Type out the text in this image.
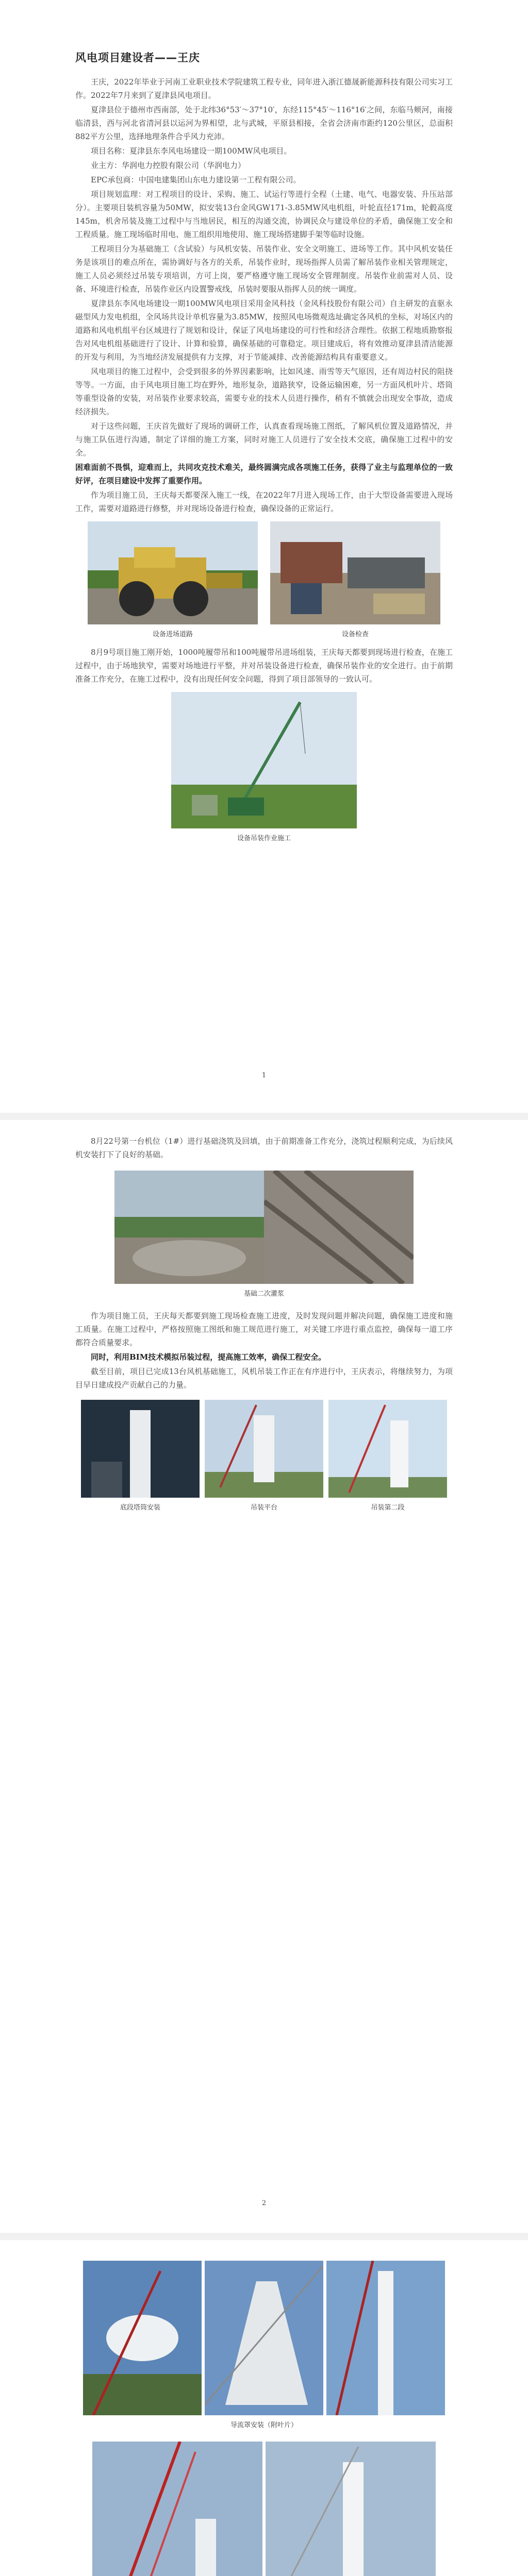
风电项目建设者——王庆

王庆，2022年毕业于河南工业职业技术学院建筑工程专业，同年进入浙江德晟新能源科技有限公司实习工作。2022年7月来到了夏津县风电项目。

夏津县位于德州市西南部，处于北纬36°53′～37°10′，东经115°45′～116°16′之间，东临马颊河，南接临清县，西与河北省清河县以运河为界相望，北与武城，平原县相接，全省会济南市距约120公里区，总面积882平方公里，选择地理条件合乎风力充沛。

项目名称：夏津县东李风电场建设一期100MW风电项目。

业主方：华润电力控股有限公司（华润电力）

EPC承包商：中国电建集团山东电力建设第一工程有限公司。

项目规划监理：对工程项目的设计、采购、施工、试运行等进行全程（土建、电气、电器安装、升压站部分）。主要项目装机容量为50MW，拟安装13台金风GW171-3.85MW风电机组，叶轮直径171m，轮毂高度145m，机舍吊装及施工过程中与当地居民，相互的沟通交流，协调民众与建设单位的矛盾，确保施工安全和工程质量。施工现场临时用电、施工组织用地使用、施工现场搭建脚手架等临时设施。

工程项目分为基础施工（含试验）与风机安装、吊装作业、安全文明施工、进场等工作。其中风机安装任务是该项目的难点所在，需协调好与各方的关系，吊装作业时，现场指挥人员需了解吊装作业相关管理规定，施工人员必须经过吊装专项培训，方可上岗，要严格遵守施工现场安全管理制度。吊装作业前需对人员、设备、环境进行检查，吊装作业区内设置警戒线，吊装时要服从指挥人员的统一调度。

夏津县东李风电场建设一期100MW风电项目采用金风科技（金风科技股份有限公司）自主研发的直驱永磁型风力发电机组，全风场共设计单机容量为3.85MW，按照风电场微观选址确定各风机的坐标，对场区内的道路和风电机组平台区域进行了规划和设计，保证了风电场建设的可行性和经济合理性。依据工程地质勘察报告对风电机组基础进行了设计、计算和验算，确保基础的可靠稳定。项目建成后，将有效推动夏津县清洁能源的开发与利用，为当地经济发展提供有力支撑，对于节能减排、改善能源结构具有重要意义。

风电项目的施工过程中，会受到很多的外界因素影响，比如风速、雨雪等天气原因，还有周边村民的阻挠等等。一方面，由于风电项目施工均在野外，地形复杂，道路狭窄，设备运输困难，另一方面风机叶片、塔筒等重型设备的安装，对吊装作业要求较高，需要专业的技术人员进行操作，稍有不慎就会出现安全事故，造成经济损失。

对于这些问题，王庆首先做好了现场的调研工作，认真查看现场施工图纸，了解风机位置及道路情况，并与施工队伍进行沟通，制定了详细的施工方案，同时对施工人员进行了安全技术交底，确保施工过程中的安全。

困难面前不畏惧，迎难而上，共同攻克技术难关，最终圆满完成各项施工任务，获得了业主与监理单位的一致好评，在项目建设中发挥了重要作用。

作为项目施工员，王庆每天都要深入施工一线，在2022年7月进入现场工作，由于大型设备需要进入现场工作，需要对道路进行修整，并对现场设备进行检查，确保设备的正常运行。

设备进场道路	设备检查

8月9号项目施工刚开始，1000吨履带吊和100吨履带吊进场组装，王庆每天都要到现场进行检查，在施工过程中，由于场地狭窄，需要对场地进行平整，并对吊装设备进行检查，确保吊装作业的安全进行。由于前期准备工作充分，在施工过程中，没有出现任何安全问题，得到了项目部领导的一致认可。

设备吊装作业施工
1

8月22号第一台机位（1#）进行基础浇筑及回填，由于前期准备工作充分，浇筑过程顺利完成，为后续风机安装打下了良好的基础。

基础二次灌浆

作为项目施工员，王庆每天都要到施工现场检查施工进度，及时发现问题并解决问题，确保施工进度和施工质量。在施工过程中，严格按照施工图纸和施工规范进行施工，对关键工序进行重点监控，确保每一道工序都符合质量要求。

同时，利用BIM技术模拟吊装过程，提高施工效率，确保工程安全。

截至目前，项目已完成13台风机基础施工，风机吊装工作正在有序进行中，王庆表示，将继续努力，为项目早日建成投产贡献自己的力量。

底段塔筒安装	吊装平台	吊装第二段
2
导流罩安装（附叶片）
